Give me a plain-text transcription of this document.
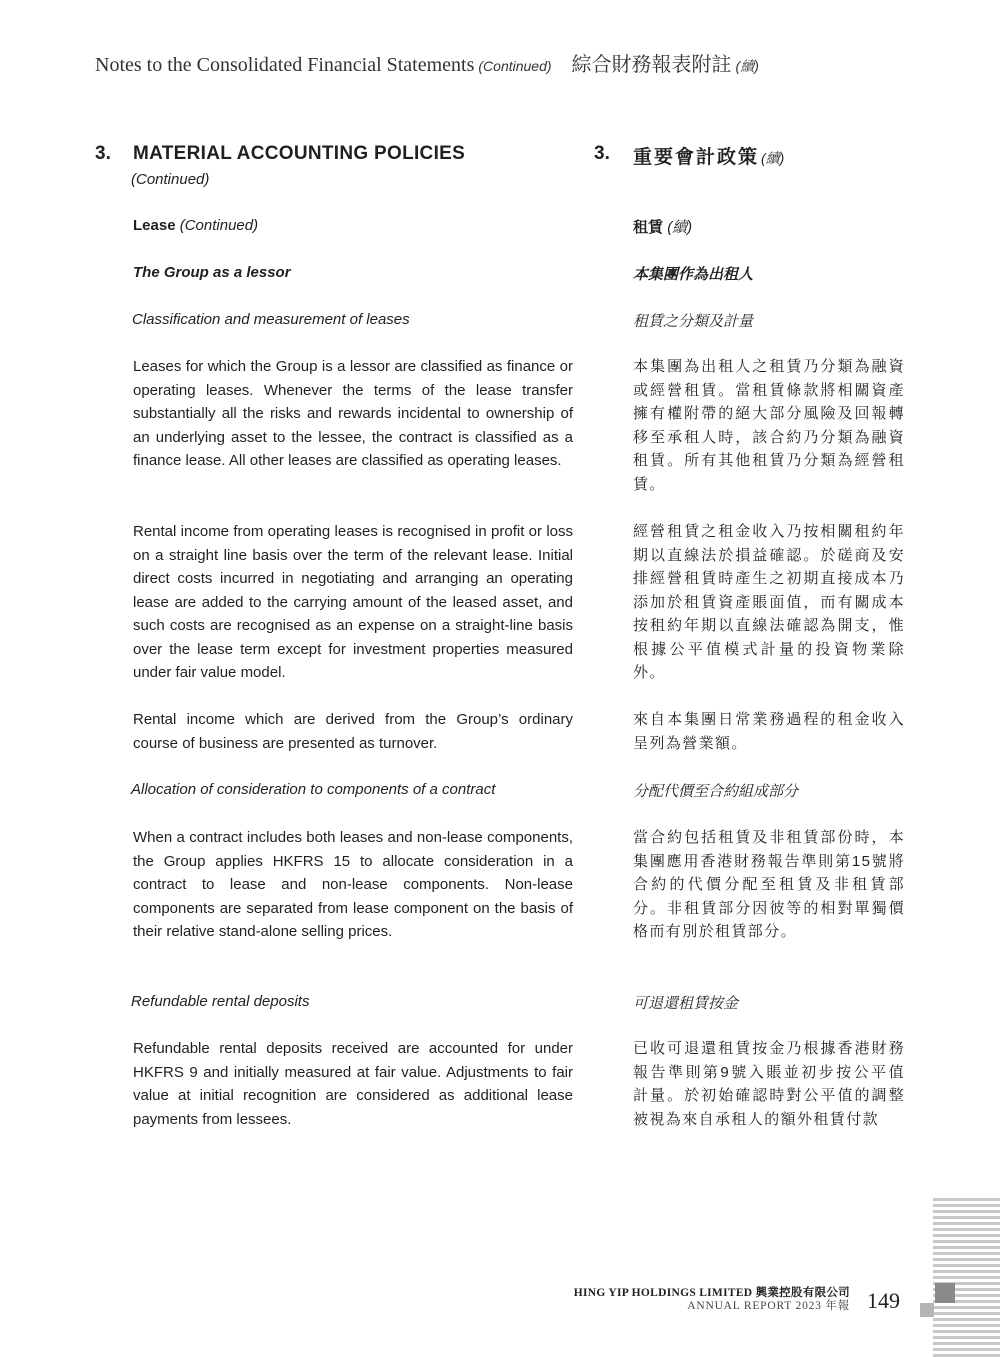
Notes to the Consolidated Financial Statements (Continued) 綜合財務報表附註 (續)
3. MATERIAL ACCOUNTING POLICIES
(Continued)
3. 重要會計政策 (續)
Lease (Continued)
The Group as a lessor
Classification and measurement of leases

Leases for which the Group is a lessor are classified as finance or operating leases. Whenever the terms of the lease transfer substantially all the risks and rewards incidental to ownership of an underlying asset to the lessee, the contract is classified as a finance lease. All other leases are classified as operating leases.

Rental income from operating leases is recognised in profit or loss on a straight line basis over the term of the relevant lease. Initial direct costs incurred in negotiating and arranging an operating lease are added to the carrying amount of the leased asset, and such costs are recognised as an expense on a straight-line basis over the lease term except for investment properties measured under fair value model.

Rental income which are derived from the Group’s ordinary course of business are presented as turnover.

Allocation of consideration to components of a contract

When a contract includes both leases and non-lease components, the Group applies HKFRS 15 to allocate consideration in a contract to lease and non-lease components. Non-lease components are separated from lease component on the basis of their relative stand-alone selling prices.

Refundable rental deposits

Refundable rental deposits received are accounted for under HKFRS 9 and initially measured at fair value. Adjustments to fair value at initial recognition are considered as additional lease payments from lessees.

租賃 (續)
本集團作為出租人
租賃之分類及計量

本集團為出租人之租賃乃分類為融資或經營租賃。當租賃條款將相關資產擁有權附帶的絕大部分風險及回報轉移至承租人時，該合約乃分類為融資租賃。所有其他租賃乃分類為經營租賃。

經營租賃之租金收入乃按相關租約年期以直線法於損益確認。於磋商及安排經營租賃時產生之初期直接成本乃添加於租賃資產賬面值，而有關成本按租約年期以直線法確認為開支，惟根據公平值模式計量的投資物業除外。

來自本集團日常業務過程的租金收入呈列為營業額。

分配代價至合約組成部分

當合約包括租賃及非租賃部份時，本集團應用香港財務報告準則第15號將合約的代價分配至租賃及非租賃部分。非租賃部分因彼等的相對單獨價格而有別於租賃部分。

可退還租賃按金

已收可退還租賃按金乃根據香港財務報告準則第9號入賬並初步按公平值計量。於初始確認時對公平值的調整被視為來自承租人的額外租賃付款

HING YIP HOLDINGS LIMITED 興業控股有限公司
ANNUAL REPORT 2023 年報 149
